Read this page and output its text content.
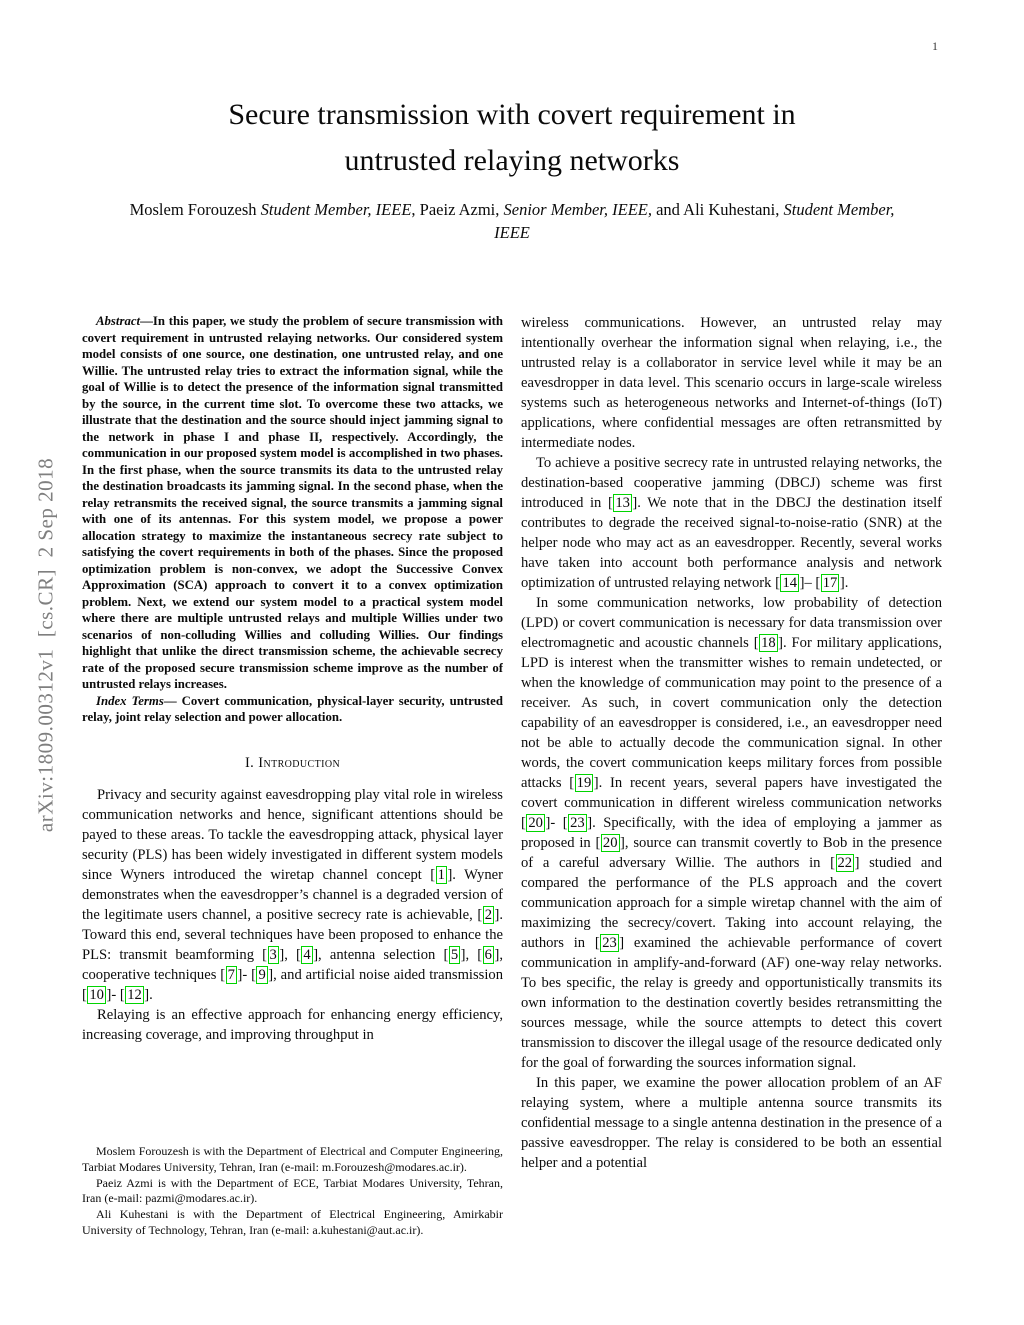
1
arXiv:1809.00312v1  [cs.CR]  2 Sep 2018
Secure transmission with covert requirement in
untrusted relaying networks
Moslem Forouzesh Student Member, IEEE, Paeiz Azmi, Senior Member, IEEE, and Ali Kuhestani, Student Member, IEEE

Abstract—In this paper, we study the problem of secure transmission with covert requirement in untrusted relaying networks. Our considered system model consists of one source, one destination, one untrusted relay, and one Willie. The untrusted relay tries to extract the information signal, while the goal of Willie is to detect the presence of the information signal transmitted by the source, in the current time slot. To overcome these two attacks, we illustrate that the destination and the source should inject jamming signal to the network in phase I and phase II, respectively. Accordingly, the communication in our proposed system model is accomplished in two phases. In the first phase, when the source transmits its data to the untrusted relay the destination broadcasts its jamming signal. In the second phase, when the relay retransmits the received signal, the source transmits a jamming signal with one of its antennas. For this system model, we propose a power allocation strategy to maximize the instantaneous secrecy rate subject to satisfying the covert requirements in both of the phases. Since the proposed optimization problem is non-convex, we adopt the Successive Convex Approximation (SCA) approach to convert it to a convex optimization problem. Next, we extend our system model to a practical system model where there are multiple untrusted relays and multiple Willies under two scenarios of non-colluding Willies and colluding Willies. Our findings highlight that unlike the direct transmission scheme, the achievable secrecy rate of the proposed secure transmission scheme improve as the number of untrusted relays increases.

Index Terms— Covert communication, physical-layer security, untrusted relay, joint relay selection and power allocation.

I. Introduction

Privacy and security against eavesdropping play vital role in wireless communication networks and hence, significant attentions should be payed to these areas. To tackle the eavesdropping attack, physical layer security (PLS) has been widely investigated in different system models since Wyners introduced the wiretap channel concept [ 1 ]. Wyner demonstrates when the eavesdropper’s channel is a degraded version of the legitimate users channel, a positive secrecy rate is achievable, [ 2 ]. Toward this end, several techniques have been proposed to enhance the PLS: transmit beamforming [ 3 ], [ 4 ], antenna selection [ 5 ], [ 6 ], cooperative techniques [ 7 ]- [ 9 ], and artificial noise aided transmission [ 10 ]- [ 12 ].

Relaying is an effective approach for enhancing energy efficiency, increasing coverage, and improving throughput in

wireless communications. However, an untrusted relay may intentionally overhear the information signal when relaying, i.e., the untrusted relay is a collaborator in service level while it may be an eavesdropper in data level. This scenario occurs in large-scale wireless systems such as heterogeneous networks and Internet-of-things (IoT) applications, where confidential messages are often retransmitted by intermediate nodes.

To achieve a positive secrecy rate in untrusted relaying networks, the destination-based cooperative jamming (DBCJ) scheme was first introduced in [ 13 ]. We note that in the DBCJ the destination itself contributes to degrade the received signal-to-noise-ratio (SNR) at the helper node who may act as an eavesdropper. Recently, several works have taken into account both performance analysis and network optimization of untrusted relaying network [ 14 ]– [ 17 ].

In some communication networks, low probability of detection (LPD) or covert communication is necessary for data transmission over electromagnetic and acoustic channels [ 18 ]. For military applications, LPD is interest when the transmitter wishes to remain undetected, or when the knowledge of communication may point to the presence of a receiver. As such, in covert communication only the detection capability of an eavesdropper is considered, i.e., an eavesdropper need not be able to actually decode the communication signal. In other words, the covert communication keeps military forces from possible attacks [ 19 ]. In recent years, several papers have investigated the covert communication in different wireless communication networks [ 20 ]- [ 23 ]. Specifically, with the idea of employing a jammer as proposed in [ 20 ], source can transmit covertly to Bob in the presence of a careful adversary Willie. The authors in [ 22 ] studied and compared the performance of the PLS approach and the covert communication approach for a simple wiretap channel with the aim of maximizing the secrecy/covert. Taking into account relaying, the authors in [ 23 ] examined the achievable performance of covert communication in amplify-and-forward (AF) one-way relay networks. To bes specific, the relay is greedy and opportunistically transmits its own information to the destination covertly besides retransmitting the sources message, while the source attempts to detect this covert transmission to discover the illegal usage of the resource dedicated only for the goal of forwarding the sources information signal.

In this paper, we examine the power allocation problem of an AF relaying system, where a multiple antenna source transmits its confidential message to a single antenna destination in the presence of a passive eavesdropper. The relay is considered to be both an essential helper and a potential

Moslem Forouzesh is with the Department of Electrical and Computer Engineering, Tarbiat Modares University, Tehran, Iran (e-mail: m.Forouzesh@modares.ac.ir).

Paeiz Azmi is with the Department of ECE, Tarbiat Modares University, Tehran, Iran (e-mail: pazmi@modares.ac.ir).

Ali Kuhestani is with the Department of Electrical Engineering, Amirkabir University of Technology, Tehran, Iran (e-mail: a.kuhestani@aut.ac.ir).
